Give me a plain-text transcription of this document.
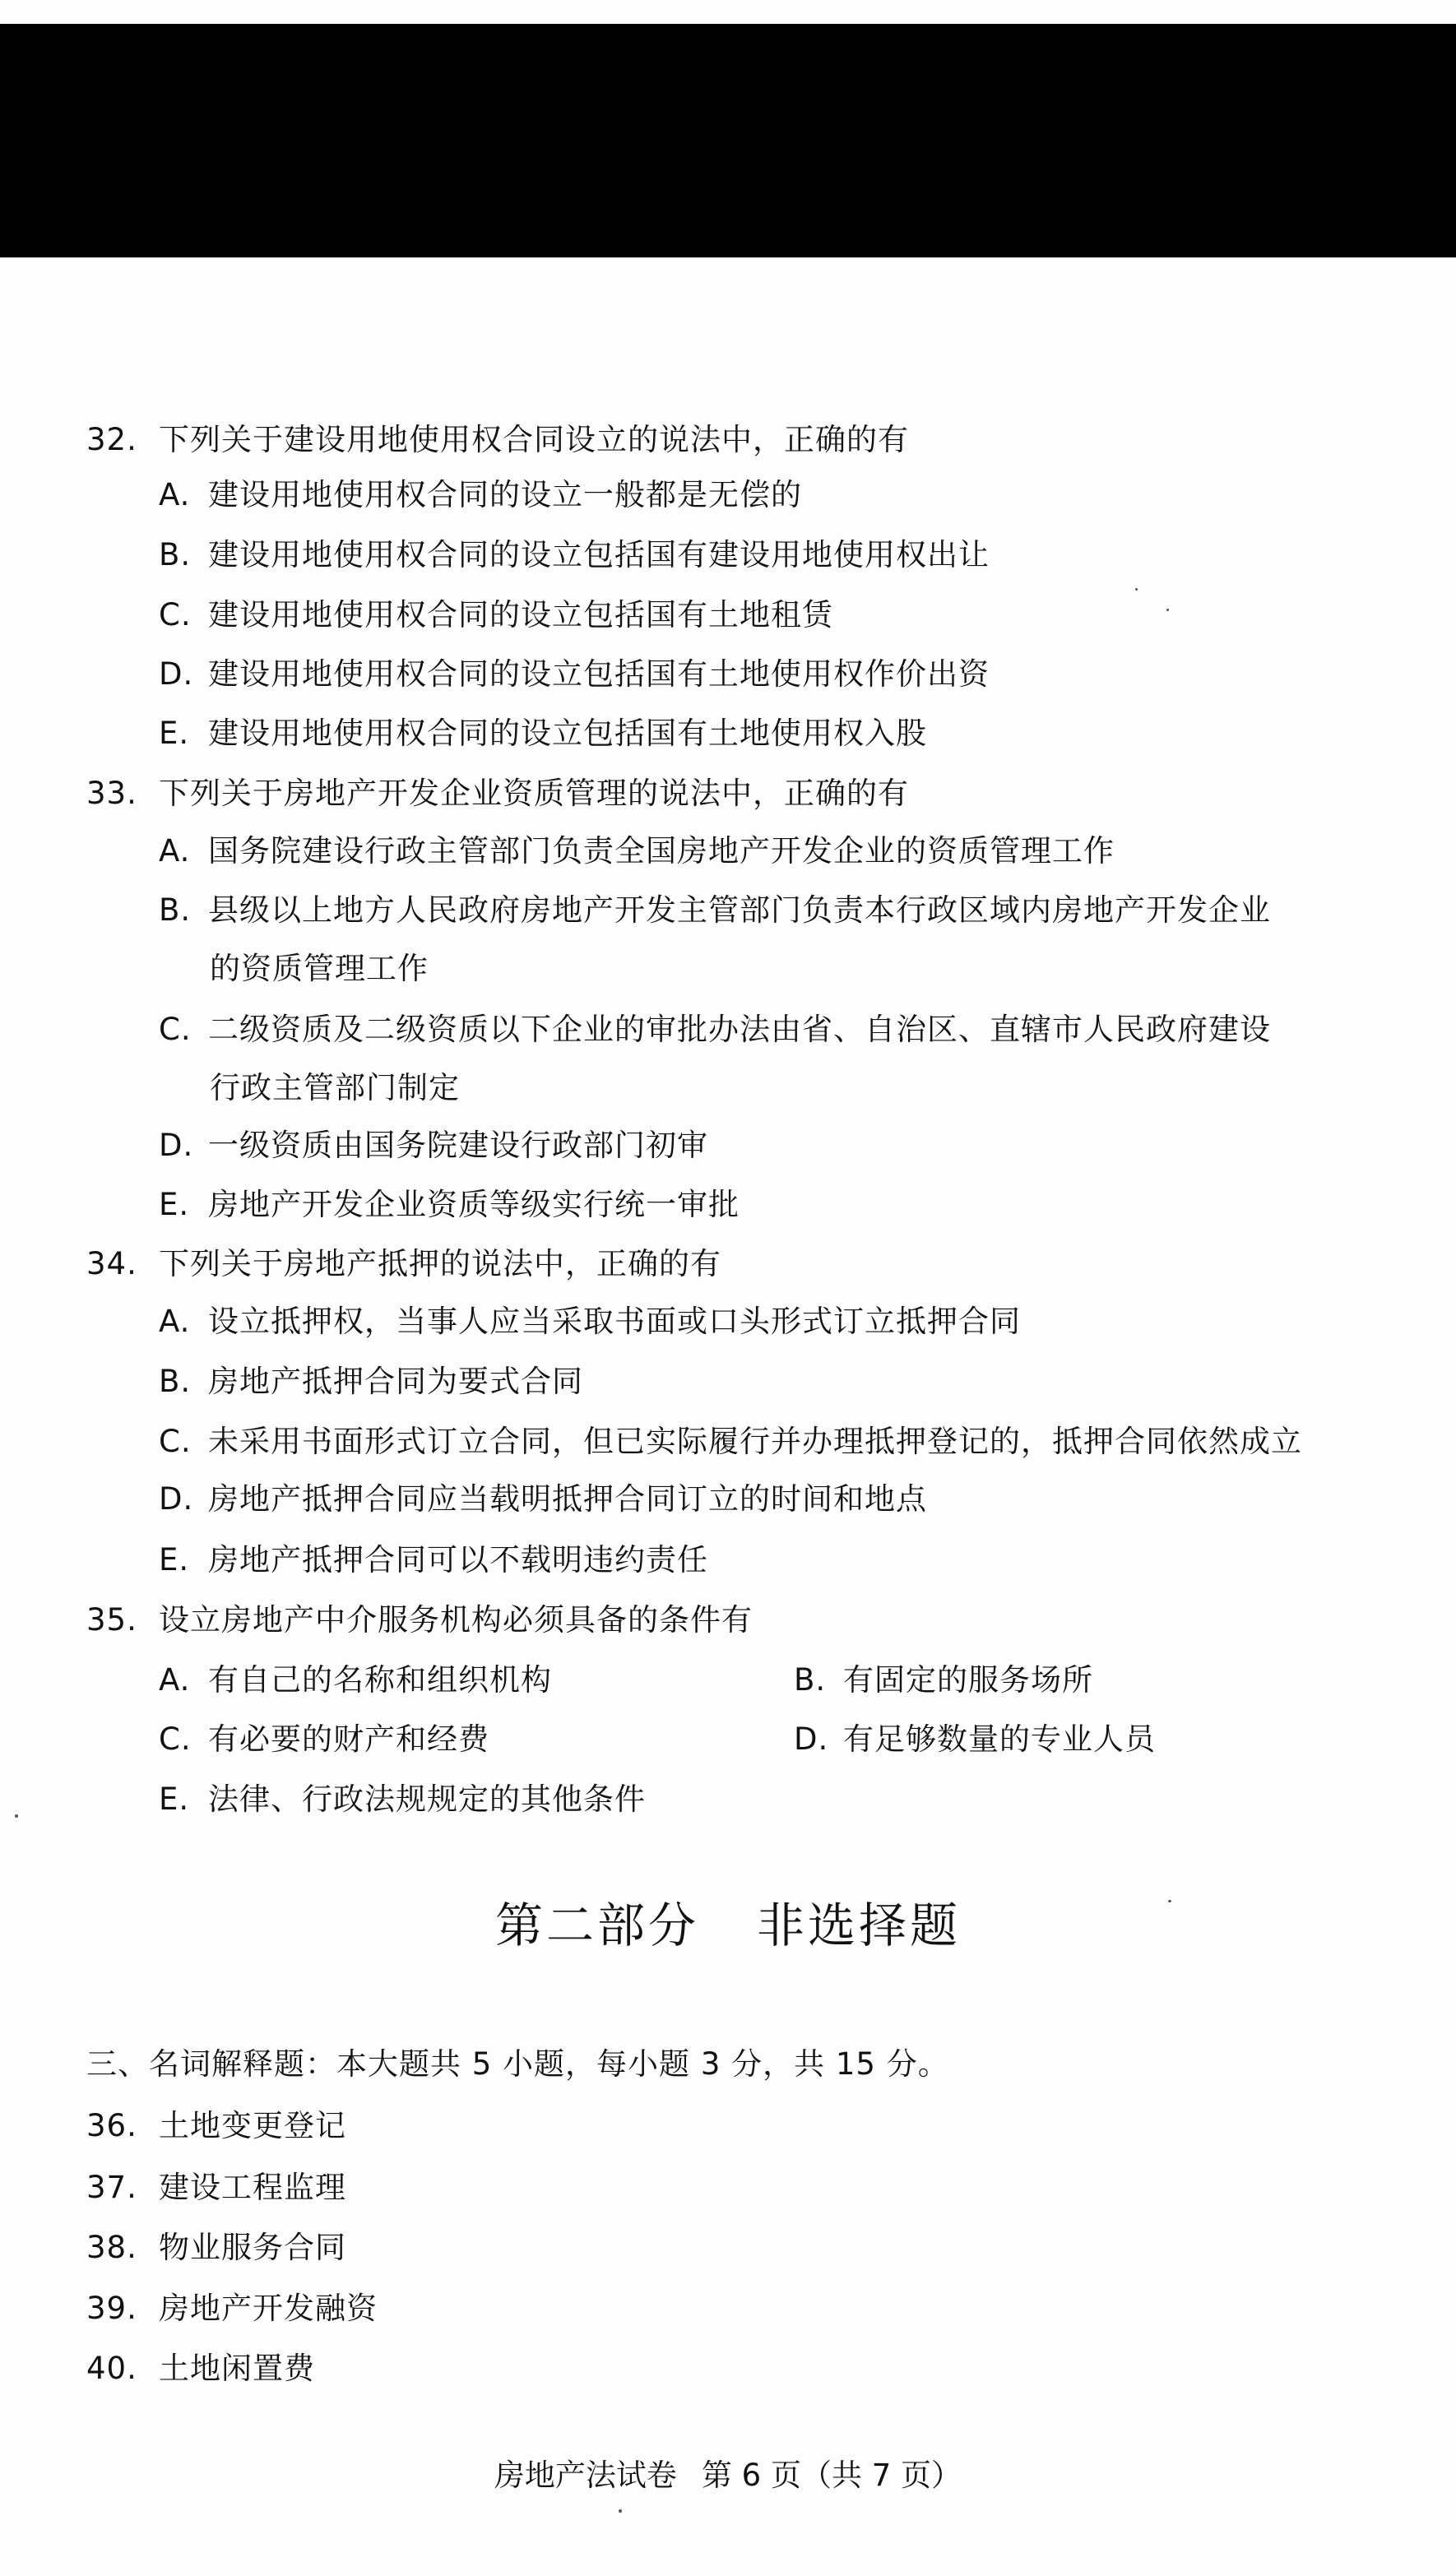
32. 下列关于建设用地使用权合同设立的说法中，正确的有
A. 建设用地使用权合同的设立一般都是无偿的
B. 建设用地使用权合同的设立包括国有建设用地使用权出让
C. 建设用地使用权合同的设立包括国有土地租赁
D. 建设用地使用权合同的设立包括国有土地使用权作价出资
E. 建设用地使用权合同的设立包括国有土地使用权入股
33. 下列关于房地产开发企业资质管理的说法中，正确的有
A. 国务院建设行政主管部门负责全国房地产开发企业的资质管理工作
B. 县级以上地方人民政府房地产开发主管部门负责本行政区域内房地产开发企业
的资质管理工作
C. 二级资质及二级资质以下企业的审批办法由省、自治区、直辖市人民政府建设
行政主管部门制定
D. 一级资质由国务院建设行政部门初审
E. 房地产开发企业资质等级实行统一审批
34. 下列关于房地产抵押的说法中，正确的有
A. 设立抵押权，当事人应当采取书面或口头形式订立抵押合同
B. 房地产抵押合同为要式合同
C. 未采用书面形式订立合同，但已实际履行并办理抵押登记的，抵押合同依然成立
D. 房地产抵押合同应当载明抵押合同订立的时间和地点
E. 房地产抵押合同可以不载明违约责任
35. 设立房地产中介服务机构必须具备的条件有
A. 有自己的名称和组织机构	B. 有固定的服务场所
C. 有必要的财产和经费	D. 有足够数量的专业人员
E. 法律、行政法规规定的其他条件
第二部分 非选择题
三、名词解释题：本大题共 5 小题，每小题 3 分，共 15 分。
36. 土地变更登记
37. 建设工程监理
38. 物业服务合同
39. 房地产开发融资
40. 土地闲置费
房地产法试卷 第 6 页（共 7 页）
